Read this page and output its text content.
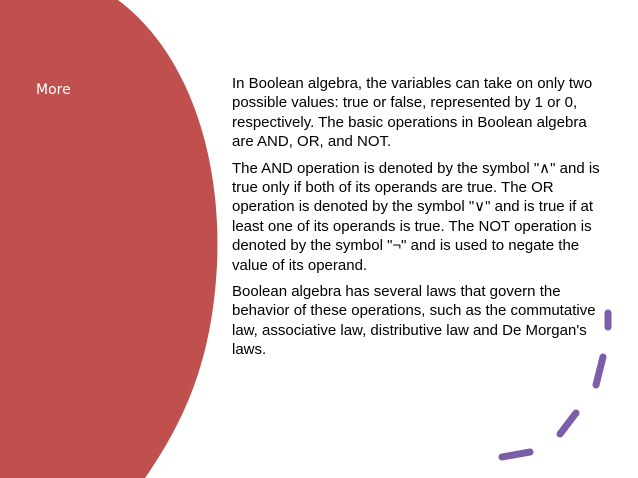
More	In Boolean algebra, the variables can take on only two possible values: true or false, represented by 1 or 0, respectively. The basic operations in Boolean algebra are AND, OR, and NOT.

The AND operation is denoted by the symbol "∧" and is true only if both of its operands are true. The OR operation is denoted by the symbol "∨" and is true if at least one of its operands is true. The NOT operation is denoted by the symbol "¬" and is used to negate the value of its operand.

Boolean algebra has several laws that govern the behavior of these operations, such as the commutative law, associative law, distributive law and De Morgan's laws.
